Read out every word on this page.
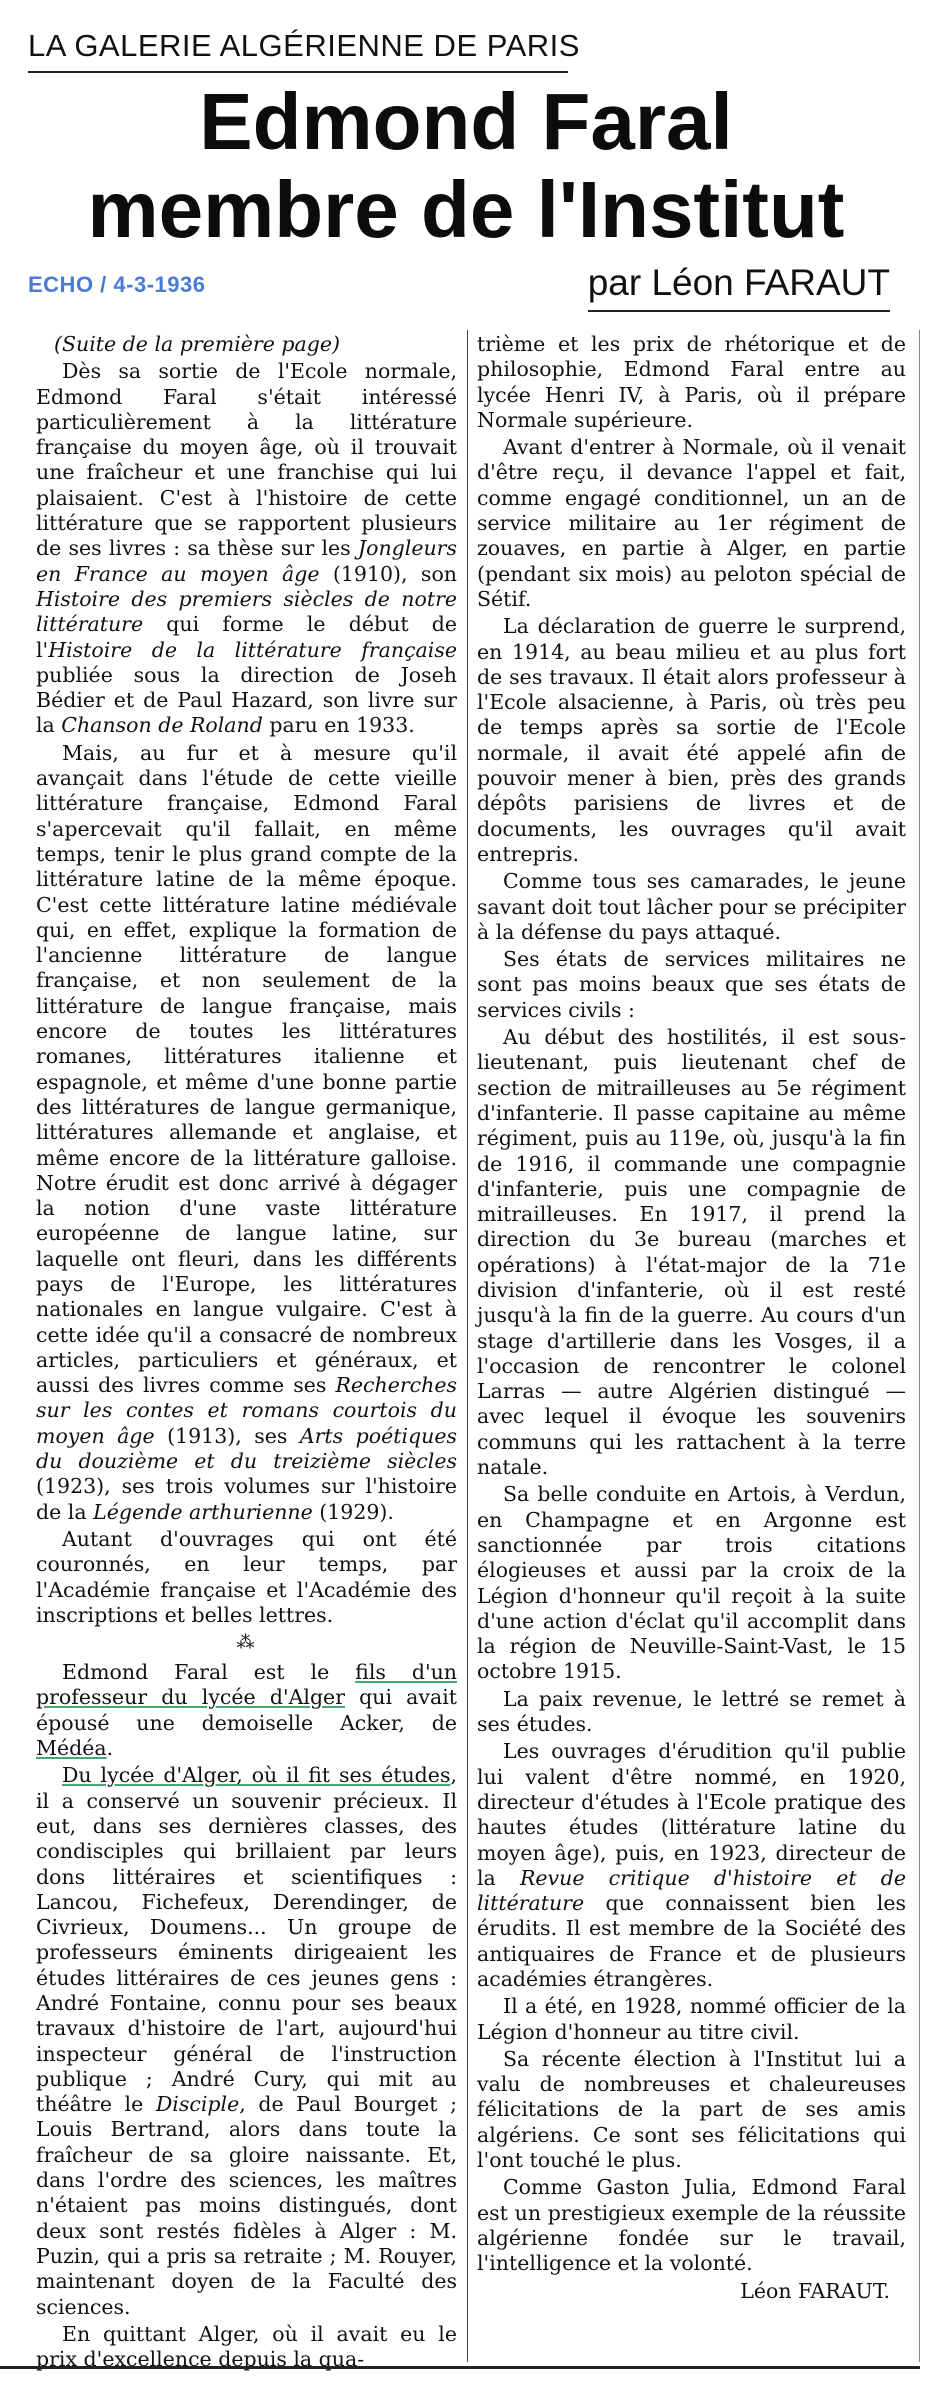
LA GALERIE ALGÉRIENNE DE PARIS
Edmond Faral
membre de l'Institut
ECHO / 4-3-1936	par Léon FARAUT

(Suite de la première page)

Dès sa sortie de l'Ecole normale, Edmond Faral s'était intéressé particulièrement à la littérature française du moyen âge, où il trouvait une fraîcheur et une franchise qui lui plaisaient. C'est à l'histoire de cette littérature que se rapportent plusieurs de ses livres : sa thèse sur les Jongleurs en France au moyen âge (1910), son Histoire des premiers siècles de notre littérature qui forme le début de l'Histoire de la littérature française publiée sous la direction de Joseh Bédier et de Paul Hazard, son livre sur la Chanson de Roland paru en 1933.

Mais, au fur et à mesure qu'il avançait dans l'étude de cette vieille littérature française, Edmond Faral s'apercevait qu'il fallait, en même temps, tenir le plus grand compte de la littérature latine de la même époque. C'est cette littérature latine médiévale qui, en effet, explique la formation de l'ancienne littérature de langue française, et non seulement de la littérature de langue française, mais encore de toutes les littératures romanes, littératures italienne et espagnole, et même d'une bonne partie des littératures de langue germanique, littératures allemande et anglaise, et même encore de la littérature galloise. Notre érudit est donc arrivé à dégager la notion d'une vaste littérature européenne de langue latine, sur laquelle ont fleuri, dans les différents pays de l'Europe, les littératures nationales en langue vulgaire. C'est à cette idée qu'il a consacré de nombreux articles, particuliers et généraux, et aussi des livres comme ses Recherches sur les contes et romans courtois du moyen âge (1913), ses Arts poétiques du douzième et du treizième siècles (1923), ses trois volumes sur l'histoire de la Légende arthurienne (1929).

Autant d'ouvrages qui ont été couronnés, en leur temps, par l'Académie française et l'Académie des inscriptions et belles lettres.

⁂

Edmond Faral est le fils d'un professeur du lycée d'Alger qui avait épousé une demoiselle Acker, de Médéa.

Du lycée d'Alger, où il fit ses études, il a conservé un souvenir précieux. Il eut, dans ses dernières classes, des condisciples qui brillaient par leurs dons littéraires et scientifiques : Lancou, Fichefeux, Derendinger, de Civrieux, Doumens... Un groupe de professeurs éminents dirigeaient les études littéraires de ces jeunes gens : André Fontaine, connu pour ses beaux travaux d'histoire de l'art, aujourd'hui inspecteur général de l'instruction publique ; André Cury, qui mit au théâtre le Disciple, de Paul Bourget ; Louis Bertrand, alors dans toute la fraîcheur de sa gloire naissante. Et, dans l'ordre des sciences, les maîtres n'étaient pas moins distingués, dont deux sont restés fidèles à Alger : M. Puzin, qui a pris sa retraite ; M. Rouyer, maintenant doyen de la Faculté des sciences.

En quittant Alger, où il avait eu le prix d'excellence depuis la qua-

trième et les prix de rhétorique et de philosophie, Edmond Faral entre au lycée Henri IV, à Paris, où il prépare Normale supérieure.

Avant d'entrer à Normale, où il venait d'être reçu, il devance l'appel et fait, comme engagé conditionnel, un an de service militaire au 1er régiment de zouaves, en partie à Alger, en partie (pendant six mois) au peloton spécial de Sétif.

La déclaration de guerre le surprend, en 1914, au beau milieu et au plus fort de ses travaux. Il était alors professeur à l'Ecole alsacienne, à Paris, où très peu de temps après sa sortie de l'Ecole normale, il avait été appelé afin de pouvoir mener à bien, près des grands dépôts parisiens de livres et de documents, les ouvrages qu'il avait entrepris.

Comme tous ses camarades, le jeune savant doit tout lâcher pour se précipiter à la défense du pays attaqué.

Ses états de services militaires ne sont pas moins beaux que ses états de services civils :

Au début des hostilités, il est sous-lieutenant, puis lieutenant chef de section de mitrailleuses au 5e régiment d'infanterie. Il passe capitaine au même régiment, puis au 119e, où, jusqu'à la fin de 1916, il commande une compagnie d'infanterie, puis une compagnie de mitrailleuses. En 1917, il prend la direction du 3e bureau (marches et opérations) à l'état-major de la 71e division d'infanterie, où il est resté jusqu'à la fin de la guerre. Au cours d'un stage d'artillerie dans les Vosges, il a l'occasion de rencontrer le colonel Larras — autre Algérien distingué — avec lequel il évoque les souvenirs communs qui les rattachent à la terre natale.

Sa belle conduite en Artois, à Verdun, en Champagne et en Argonne est sanctionnée par trois citations élogieuses et aussi par la croix de la Légion d'honneur qu'il reçoit à la suite d'une action d'éclat qu'il accomplit dans la région de Neuville-Saint-Vast, le 15 octobre 1915.

La paix revenue, le lettré se remet à ses études.

Les ouvrages d'érudition qu'il publie lui valent d'être nommé, en 1920, directeur d'études à l'Ecole pratique des hautes études (littérature latine du moyen âge), puis, en 1923, directeur de la Revue critique d'histoire et de littérature que connaissent bien les érudits. Il est membre de la Société des antiquaires de France et de plusieurs académies étrangères.

Il a été, en 1928, nommé officier de la Légion d'honneur au titre civil.

Sa récente élection à l'Institut lui a valu de nombreuses et chaleureuses félicitations de la part de ses amis algériens. Ce sont ses félicitations qui l'ont touché le plus.

Comme Gaston Julia, Edmond Faral est un prestigieux exemple de la réussite algérienne fondée sur le travail, l'intelligence et la volonté.

Léon FARAUT.
